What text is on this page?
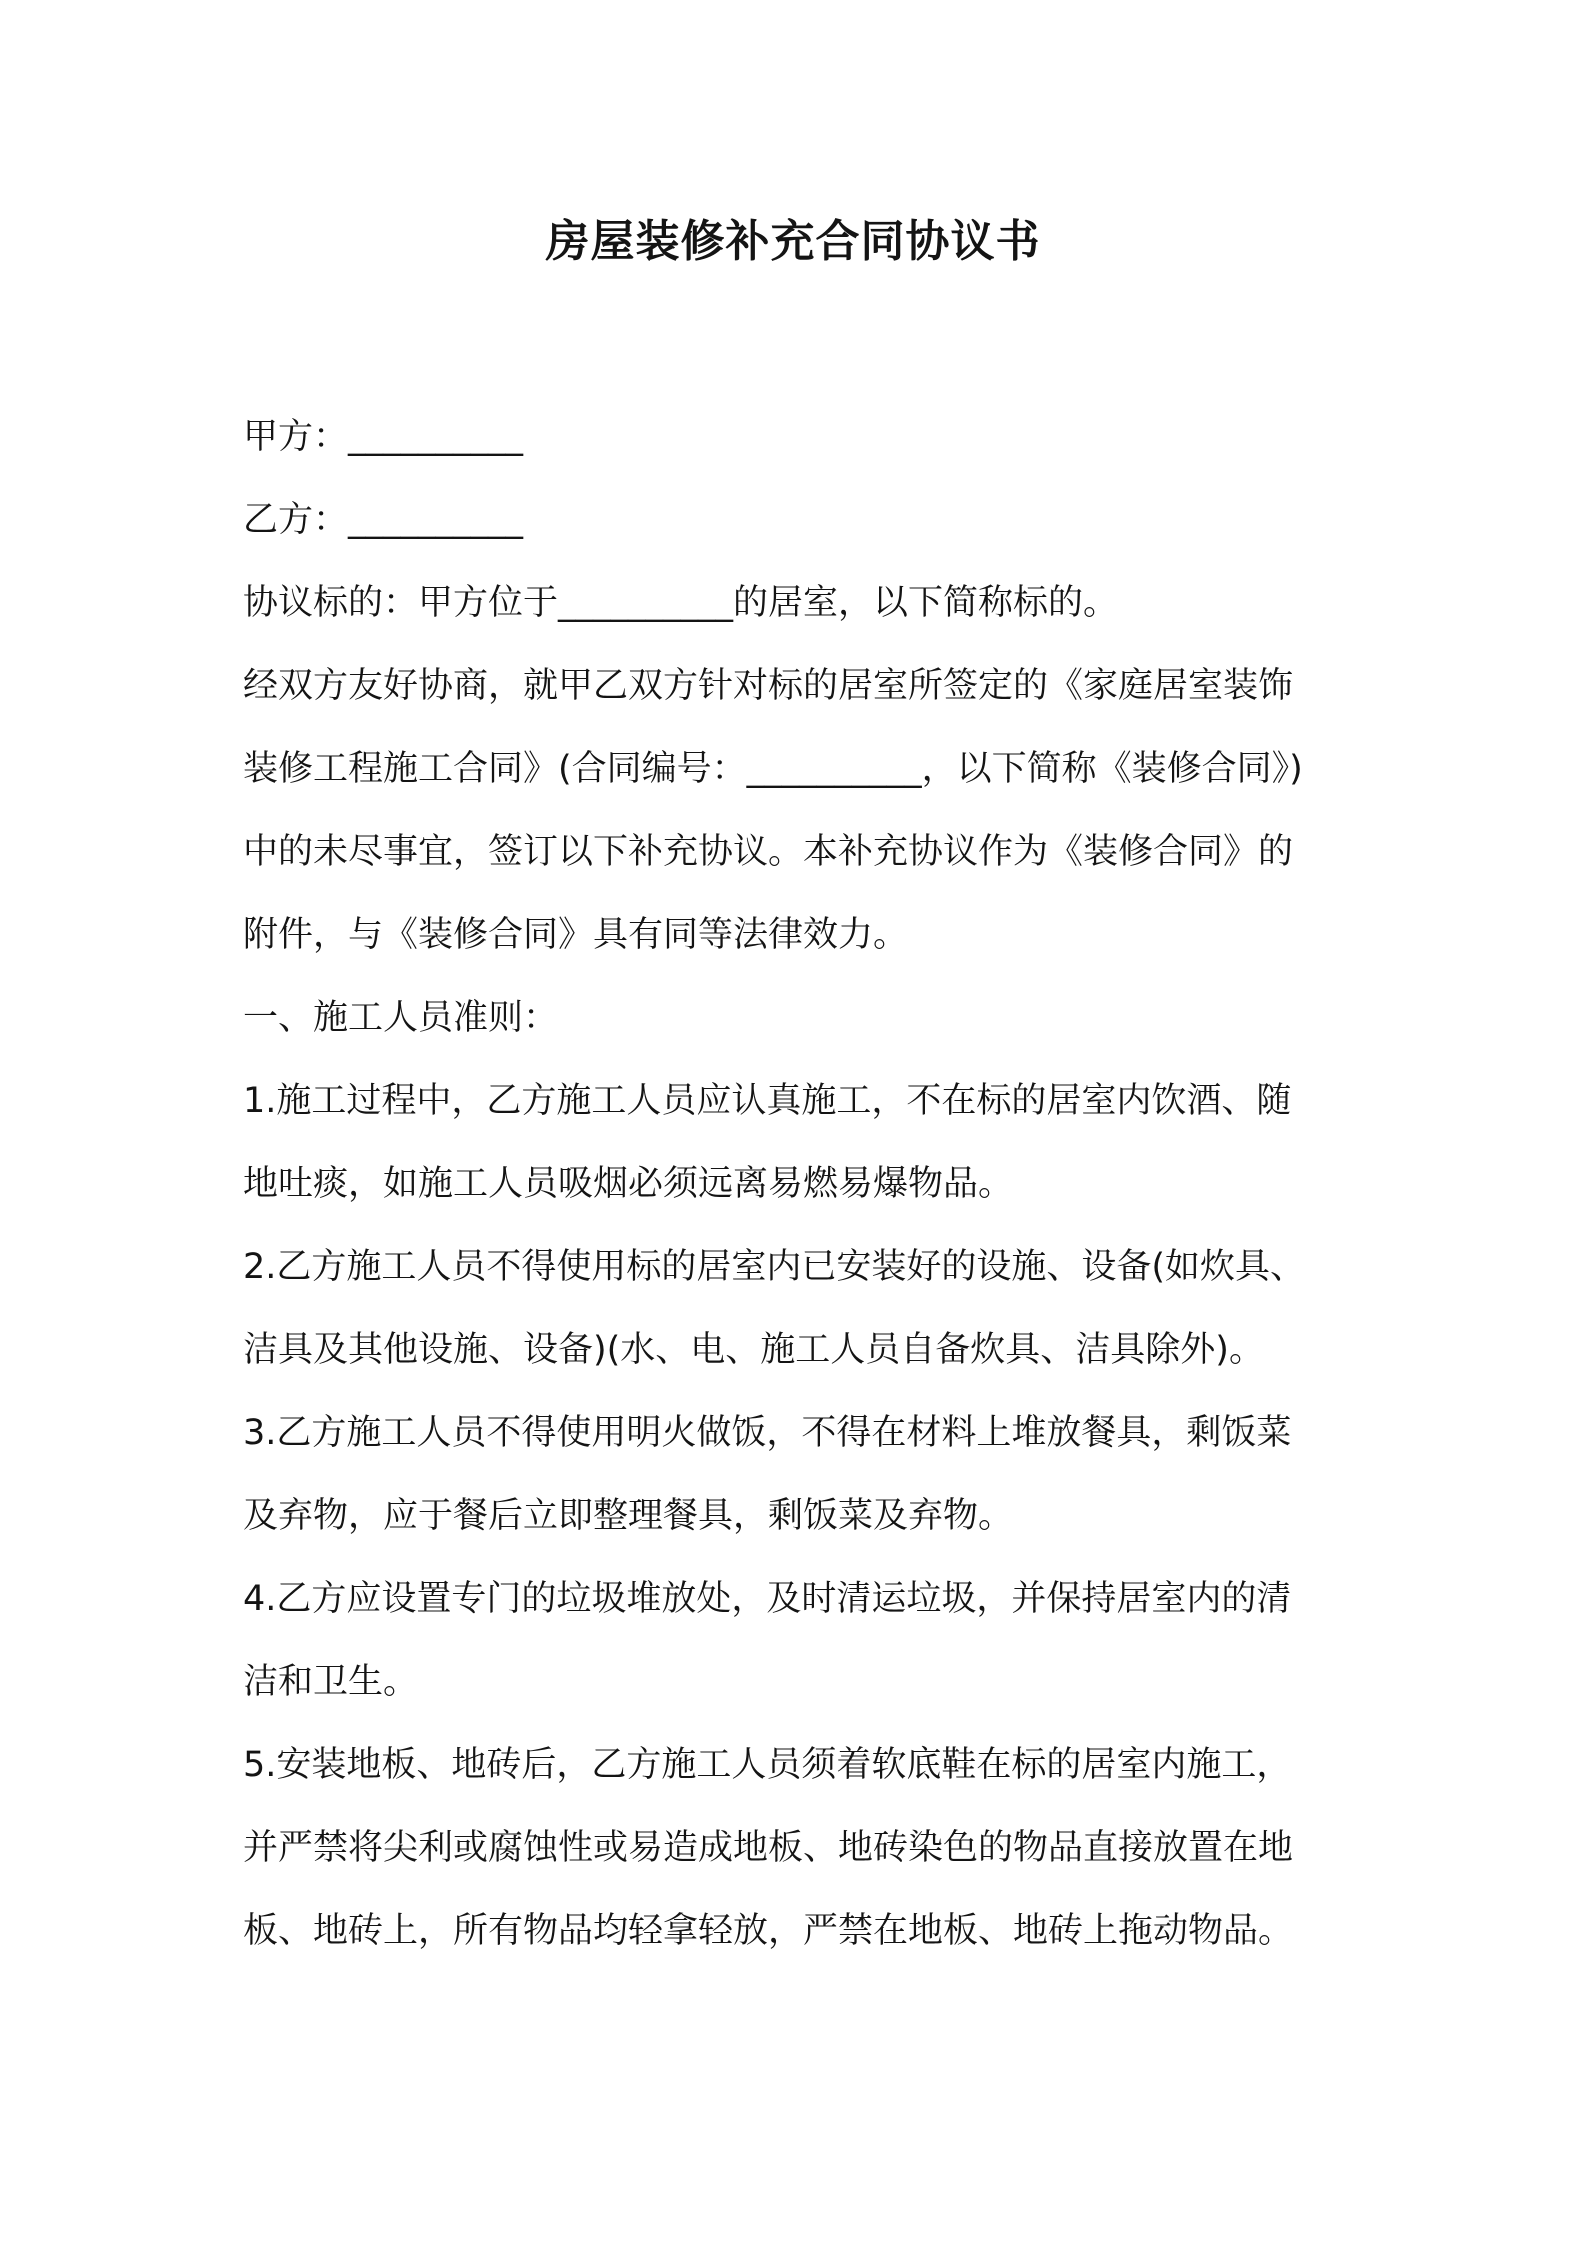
房屋装修补充合同协议书
甲方：__________
乙方：__________
协议标的：甲方位于__________的居室，以下简称标的。
经双方友好协商，就甲乙双方针对标的居室所签定的《家庭居室装饰
装修工程施工合同》(合同编号：__________，以下简称《装修合同》)
中的未尽事宜，签订以下补充协议。本补充协议作为《装修合同》的
附件，与《装修合同》具有同等法律效力。
一、施工人员准则：
1.施工过程中，乙方施工人员应认真施工，不在标的居室内饮酒、随
地吐痰，如施工人员吸烟必须远离易燃易爆物品。
2.乙方施工人员不得使用标的居室内已安装好的设施、设备(如炊具、
洁具及其他设施、设备)(水、电、施工人员自备炊具、洁具除外)。
3.乙方施工人员不得使用明火做饭，不得在材料上堆放餐具，剩饭菜
及弃物，应于餐后立即整理餐具，剩饭菜及弃物。
4.乙方应设置专门的垃圾堆放处，及时清运垃圾，并保持居室内的清
洁和卫生。
5.安装地板、地砖后，乙方施工人员须着软底鞋在标的居室内施工，
并严禁将尖利或腐蚀性或易造成地板、地砖染色的物品直接放置在地
板、地砖上，所有物品均轻拿轻放，严禁在地板、地砖上拖动物品。
